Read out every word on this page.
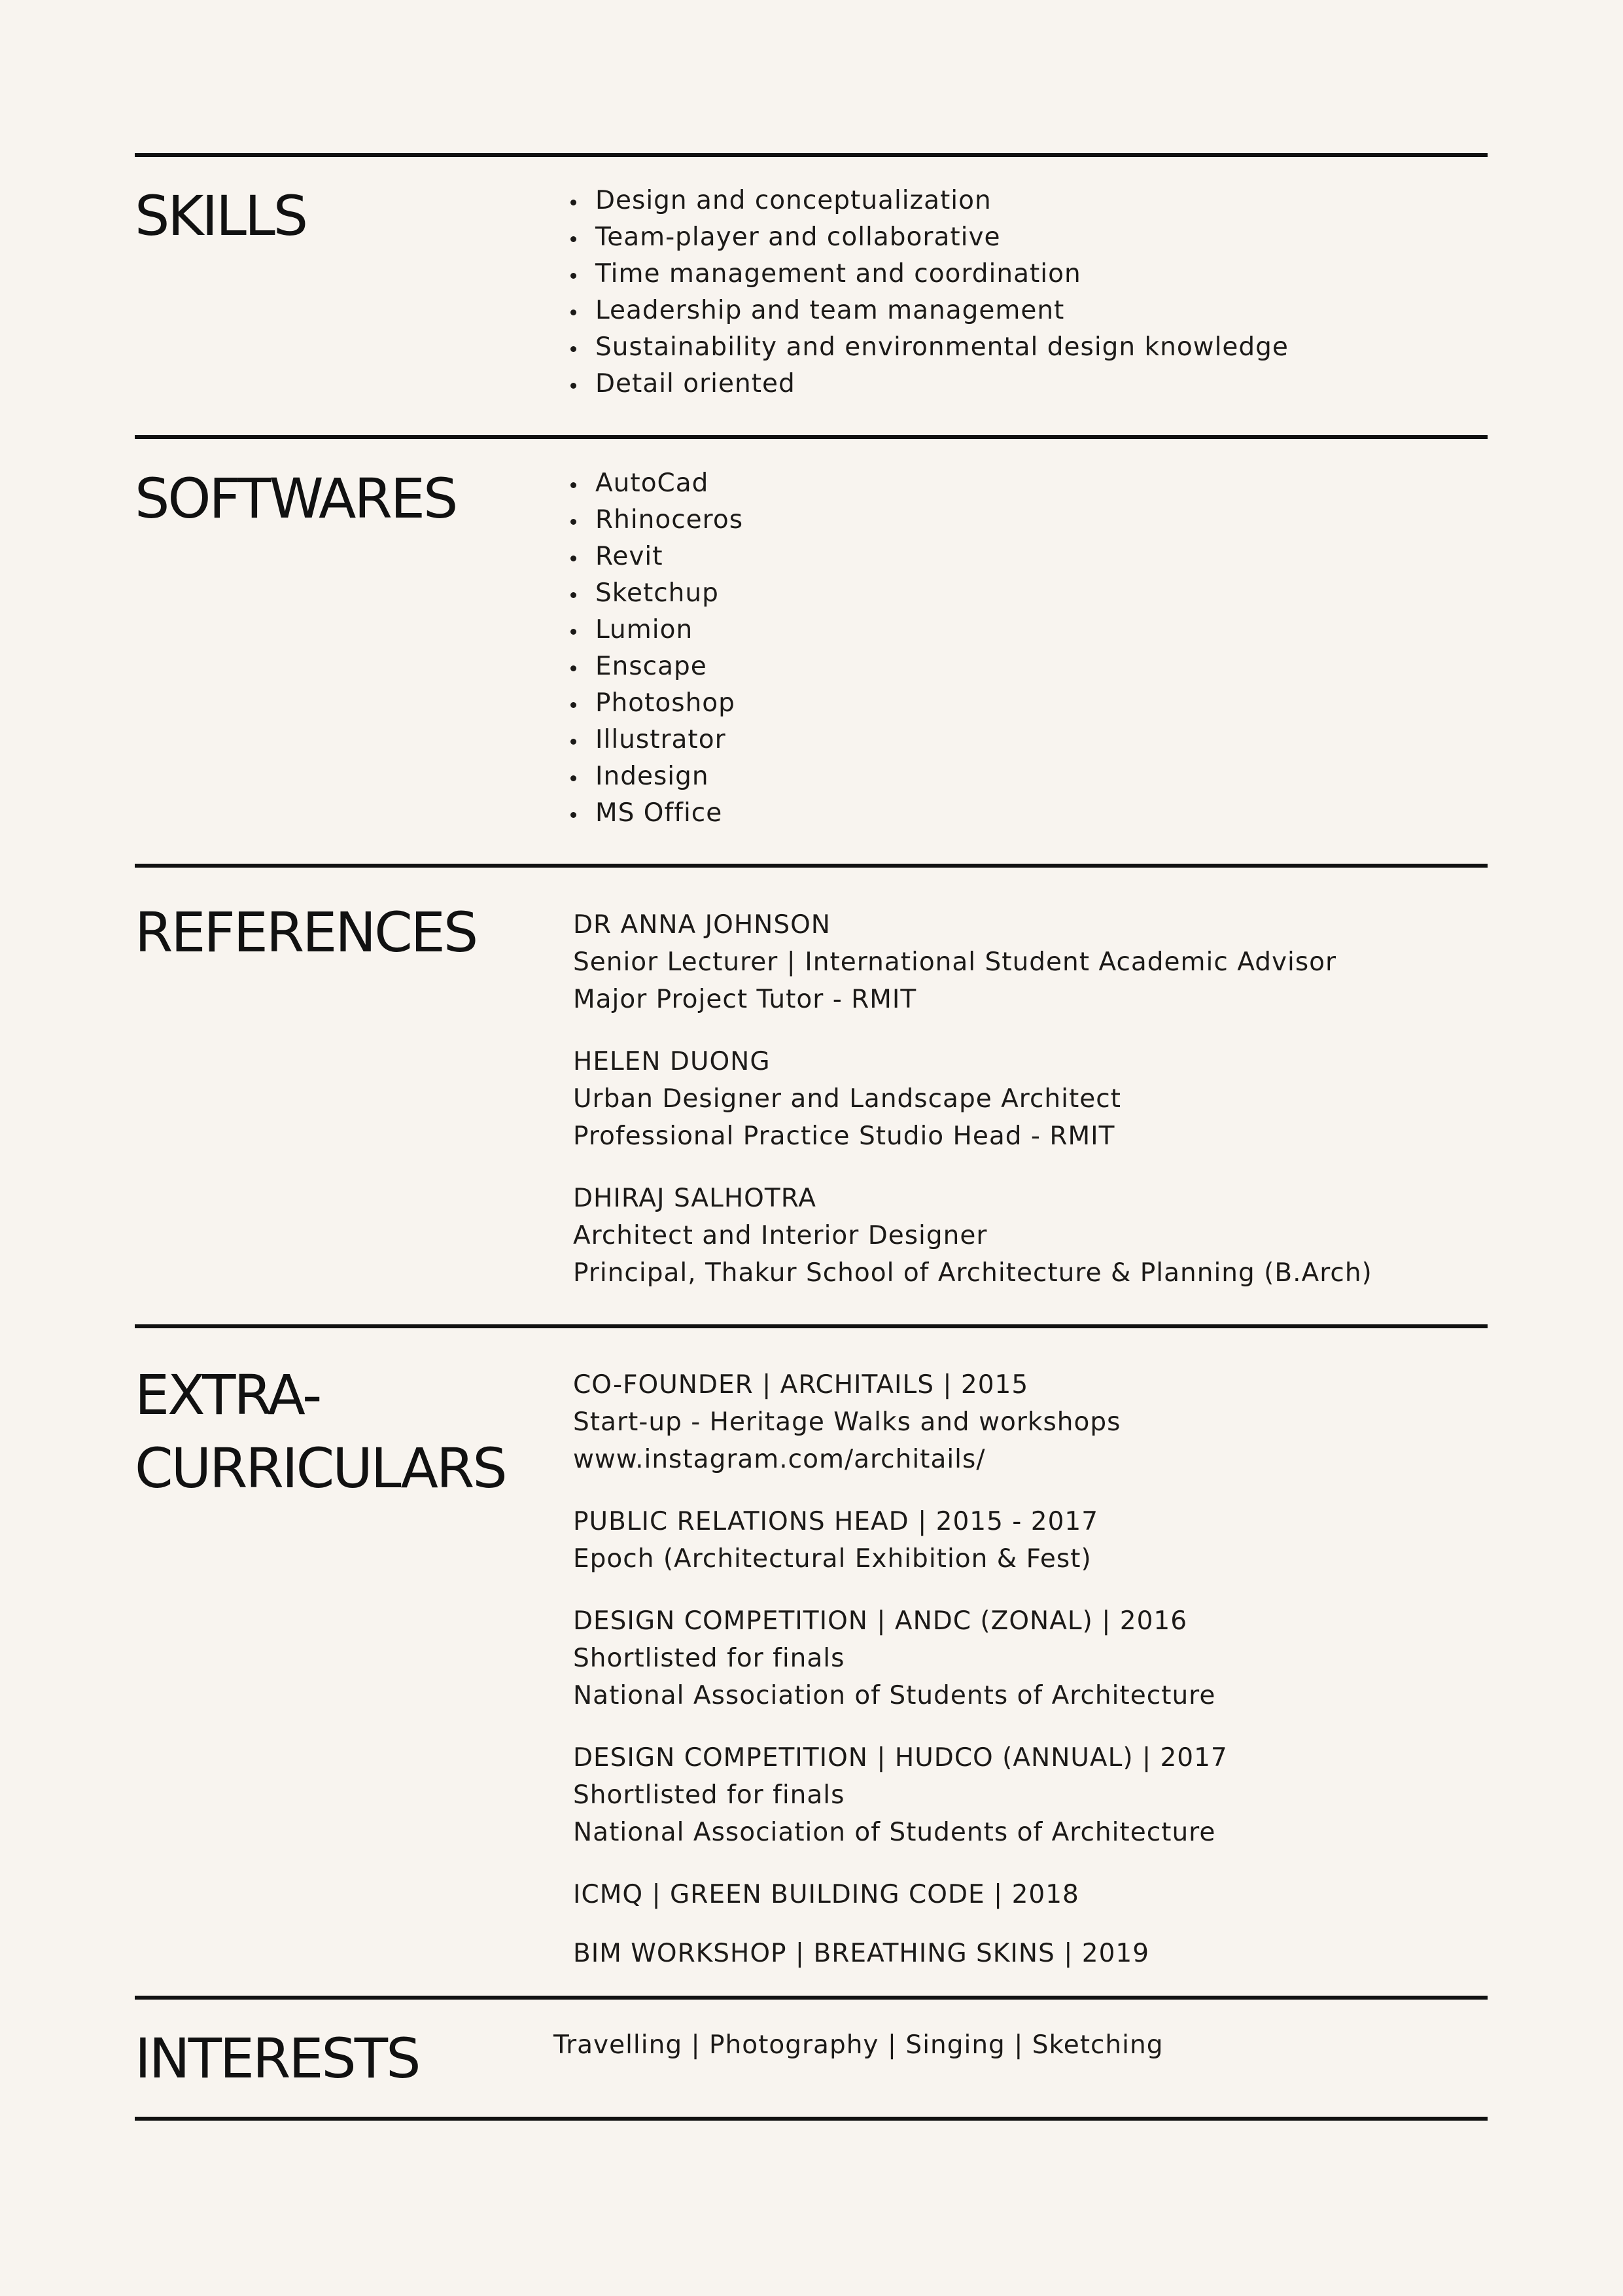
SKILLS	Design and conceptualization
Team-player and collaborative
Time management and coordination
Leadership and team management
Sustainability and environmental design knowledge
Detail oriented
SOFTWARES	AutoCad
Rhinoceros
Revit
Sketchup
Lumion
Enscape
Photoshop
Illustrator
Indesign
MS Office
REFERENCES	DR ANNA JOHNSON
Senior Lecturer | International Student Academic Advisor
Major Project Tutor - RMIT
HELEN DUONG
Urban Designer and Landscape Architect
Professional Practice Studio Head - RMIT
DHIRAJ SALHOTRA
Architect and Interior Designer
Principal, Thakur School of Architecture & Planning (B.Arch)
EXTRA-
CURRICULARS
CO-FOUNDER | ARCHITAILS | 2015
Start-up - Heritage Walks and workshops
www.instagram.com/architails/
PUBLIC RELATIONS HEAD | 2015 - 2017
Epoch (Architectural Exhibition & Fest)
DESIGN COMPETITION | ANDC (ZONAL) | 2016
Shortlisted for finals
National Association of Students of Architecture
DESIGN COMPETITION | HUDCO (ANNUAL) | 2017
Shortlisted for finals
National Association of Students of Architecture
ICMQ | GREEN BUILDING CODE | 2018
BIM WORKSHOP | BREATHING SKINS | 2019
INTERESTS	Travelling | Photography | Singing | Sketching
